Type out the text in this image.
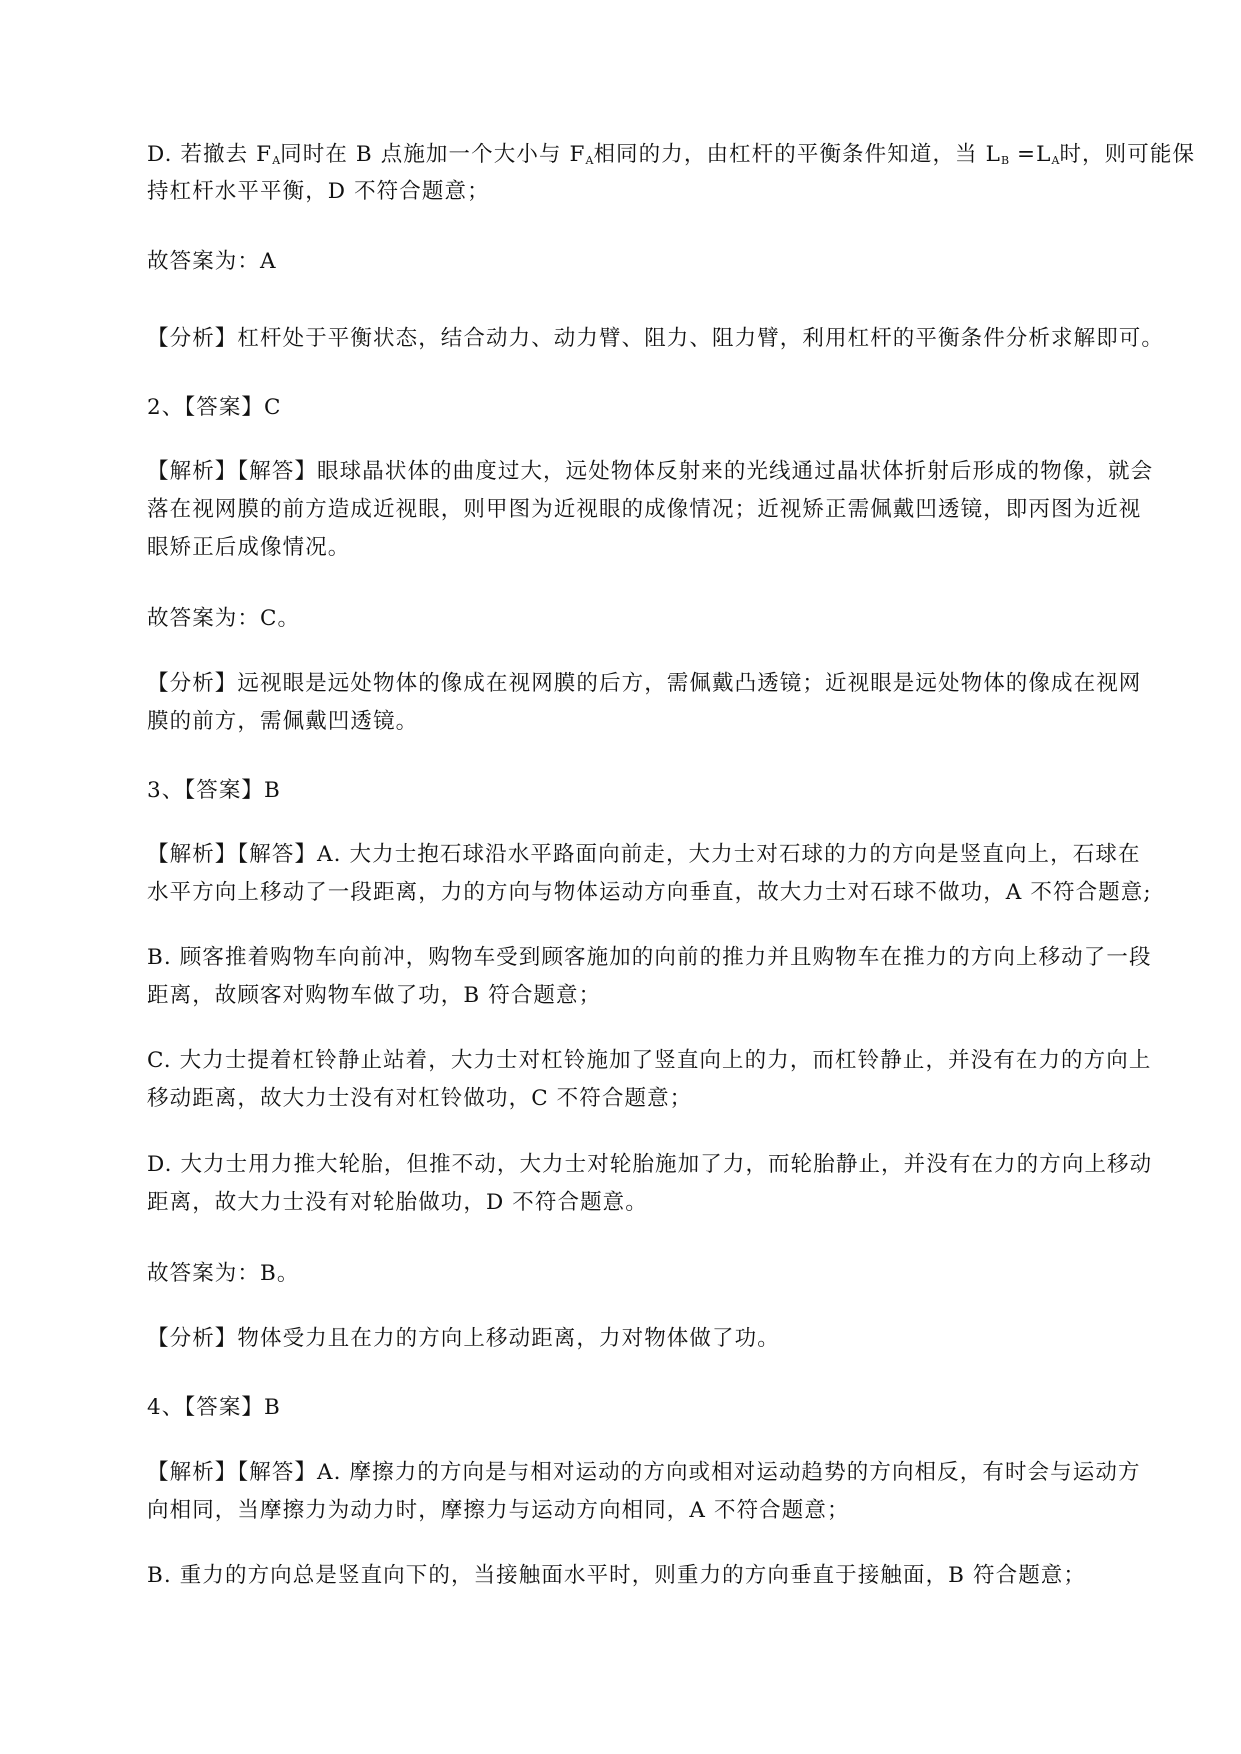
D. 若撤去 $F_A$同时在 B 点施加一个大小与 $F_A$相同的力，由杠杆的平衡条件知道，当 $L_B =L_A$时，则可能保
持杠杆水平平衡，D 不符合题意；
故答案为：A
【分析】杠杆处于平衡状态，结合动力、动力臂、阻力、阻力臂，利用杠杆的平衡条件分析求解即可。
2、【答案】C
【解析】【解答】眼球晶状体的曲度过大，远处物体反射来的光线通过晶状体折射后形成的物像，就会
落在视网膜的前方造成近视眼，则甲图为近视眼的成像情况；近视矫正需佩戴凹透镜，即丙图为近视
眼矫正后成像情况。
故答案为：C。
【分析】远视眼是远处物体的像成在视网膜的后方，需佩戴凸透镜；近视眼是远处物体的像成在视网
膜的前方，需佩戴凹透镜。
3、【答案】B
【解析】【解答】A. 大力士抱石球沿水平路面向前走，大力士对石球的力的方向是竖直向上，石球在
水平方向上移动了一段距离，力的方向与物体运动方向垂直，故大力士对石球不做功，A 不符合题意;
B. 顾客推着购物车向前冲，购物车受到顾客施加的向前的推力并且购物车在推力的方向上移动了一段
距离，故顾客对购物车做了功，B 符合题意；
C. 大力士提着杠铃静止站着，大力士对杠铃施加了竖直向上的力，而杠铃静止，并没有在力的方向上
移动距离，故大力士没有对杠铃做功，C 不符合题意；
D. 大力士用力推大轮胎，但推不动，大力士对轮胎施加了力，而轮胎静止，并没有在力的方向上移动
距离，故大力士没有对轮胎做功，D 不符合题意。
故答案为：B。
【分析】物体受力且在力的方向上移动距离，力对物体做了功。
4、【答案】B
【解析】【解答】A. 摩擦力的方向是与相对运动的方向或相对运动趋势的方向相反，有时会与运动方
向相同，当摩擦力为动力时，摩擦力与运动方向相同，A 不符合题意；
B. 重力的方向总是竖直向下的，当接触面水平时，则重力的方向垂直于接触面，B 符合题意；
